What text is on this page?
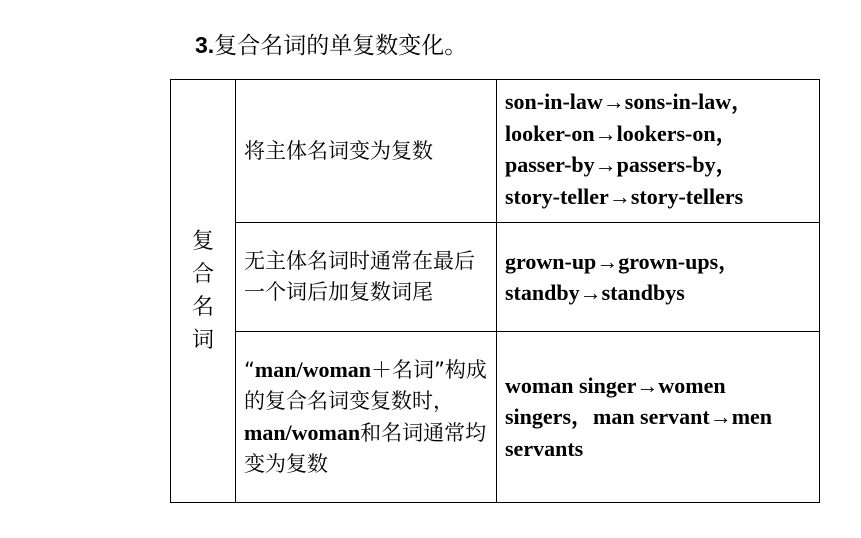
3.复合名词的单复数变化。
复合名词	将主体名词变为复数	son-in-law→sons-in-law，
looker-on→lookers-on，
passer-by→passers-by，
story-teller→story-tellers

	无主体名词时通常在最后一个词后加复数词尾	grown-up→grown-ups，
standby→standbys

	“man/woman＋名词”构成的复合名词变复数时，man/woman和名词通常均变为复数	woman singer→women singers，man servant→men servants
